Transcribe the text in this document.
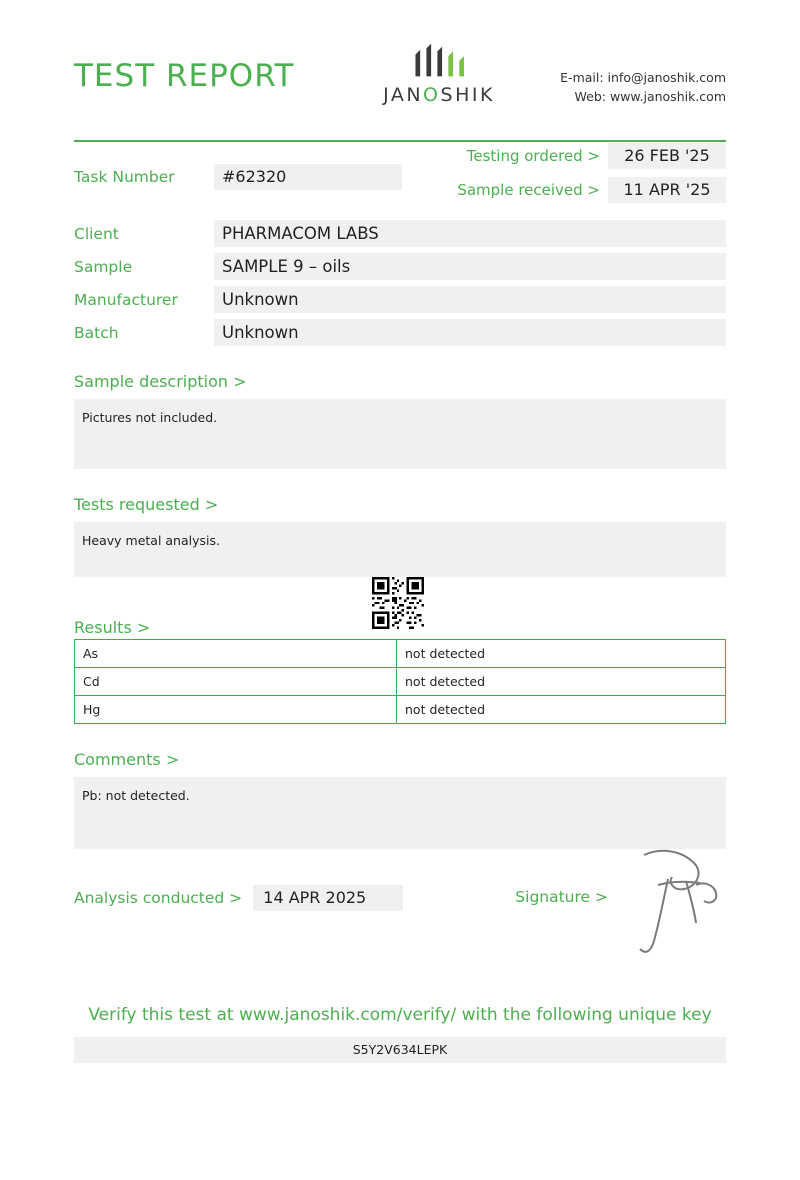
TEST REPORT
JANOSHIK
E-mail: info@janoshik.com
Web: www.janoshik.com
Task Number	#62320
Testing ordered >	26 FEB '25
Sample received >	11 APR '25
Client	PHARMACOM LABS
Sample	SAMPLE 9 – oils
Manufacturer	Unknown
Batch	Unknown
Sample description >
Pictures not included.
Tests requested >
Heavy metal analysis.
Results >
As	not detected
Cd	not detected
Hg	not detected
Comments >
Pb: not detected.
Analysis conducted > 14 APR 2025	Signature >
Verify this test at www.janoshik.com/verify/ with the following unique key
S5Y2V634LEPK
